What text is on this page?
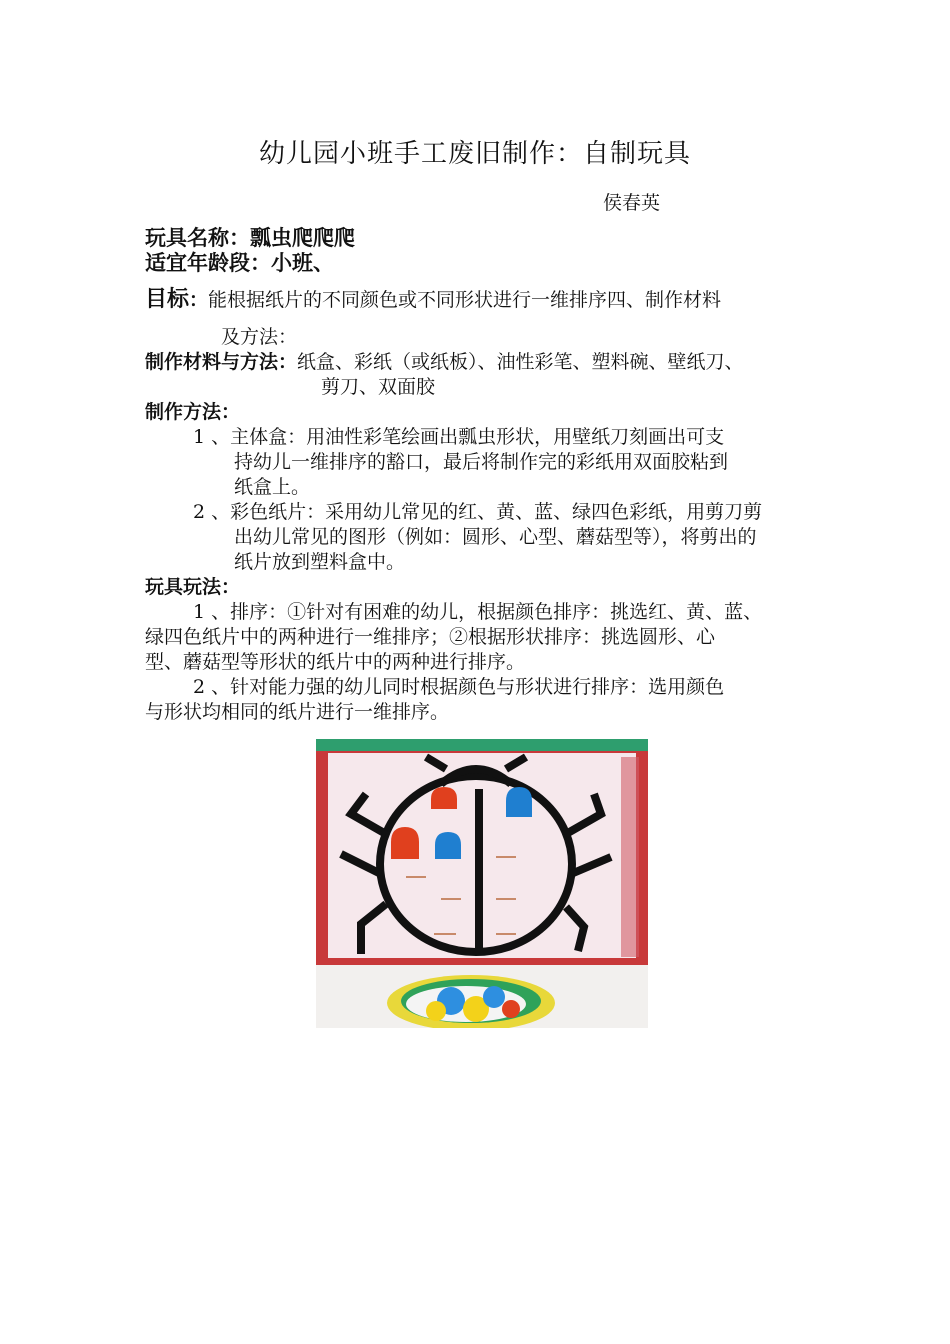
幼儿园小班手工废旧制作：自制玩具
侯春英
玩具名称：瓢虫爬爬爬
适宜年龄段：小班、
目标：能根据纸片的不同颜色或不同形状进行一维排序四、制作材料
及方法：
制作材料与方法：纸盒、彩纸（或纸板）、油性彩笔、塑料碗、壁纸刀、
剪刀、双面胶
制作方法：
1 、主体盒：用油性彩笔绘画出瓢虫形状，用壁纸刀刻画出可支
持幼儿一维排序的豁口，最后将制作完的彩纸用双面胶粘到
纸盒上。
2 、彩色纸片：采用幼儿常见的红、黄、蓝、绿四色彩纸，用剪刀剪
出幼儿常见的图形（例如：圆形、心型、蘑菇型等），将剪出的
纸片放到塑料盒中。
玩具玩法：
1 、排序：①针对有困难的幼儿，根据颜色排序：挑选红、黄、蓝、
绿四色纸片中的两种进行一维排序；②根据形状排序：挑选圆形、心
型、蘑菇型等形状的纸片中的两种进行排序。
2 、针对能力强的幼儿同时根据颜色与形状进行排序：选用颜色
与形状均相同的纸片进行一维排序。
